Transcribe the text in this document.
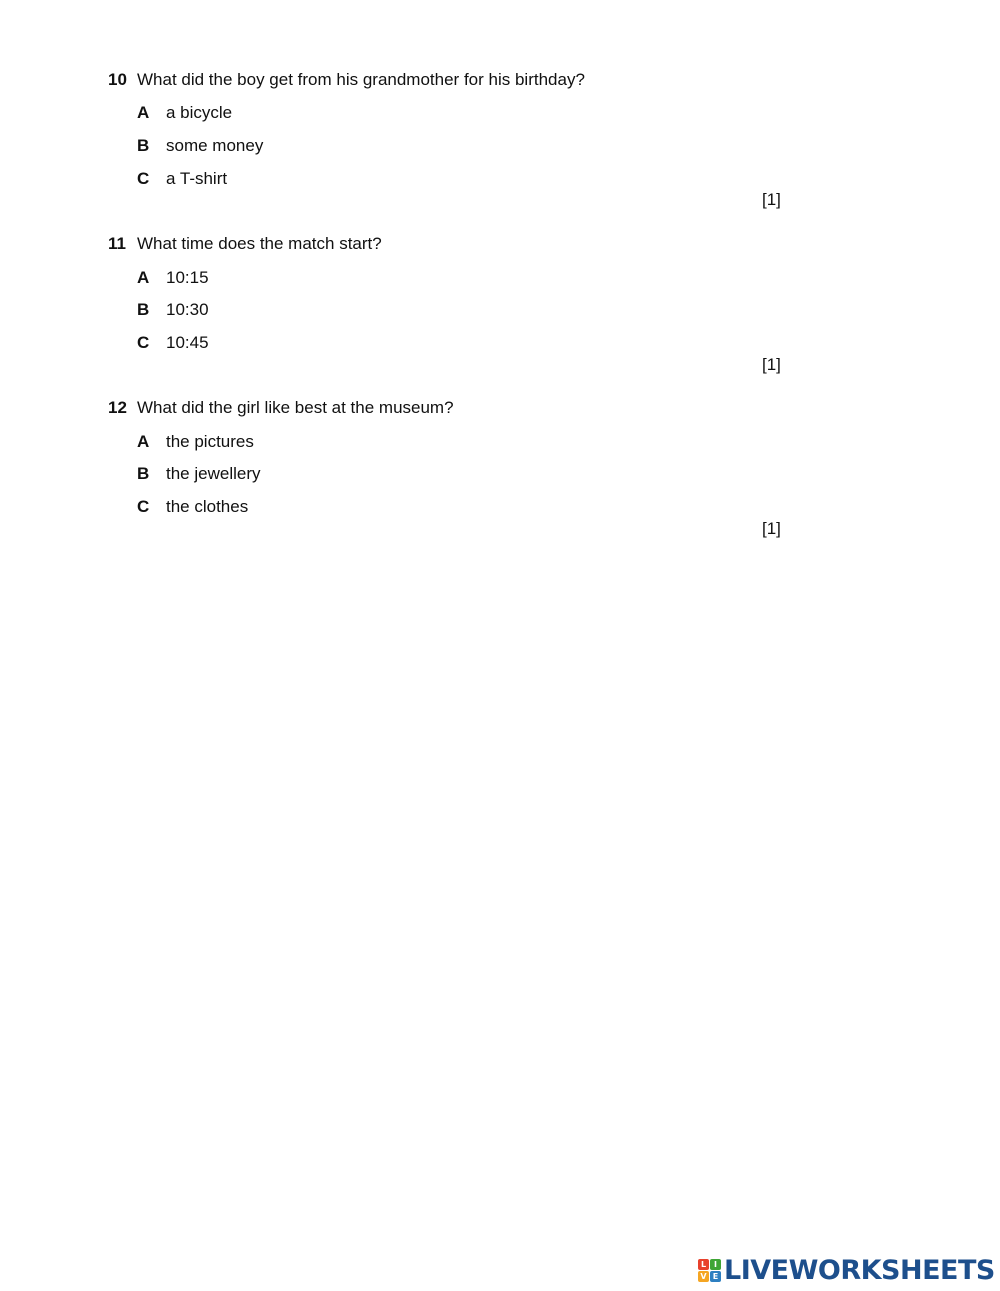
10 What did the boy get from his grandmother for his birthday?
A a bicycle
B some money
C a T-shirt
[1]
11 What time does the match start?
A 10:15
B 10:30
C 10:45
[1]
12 What did the girl like best at the museum?
A the pictures
B the jewellery
C the clothes
[1]
L I
V E LIVEWORKSHEETS
